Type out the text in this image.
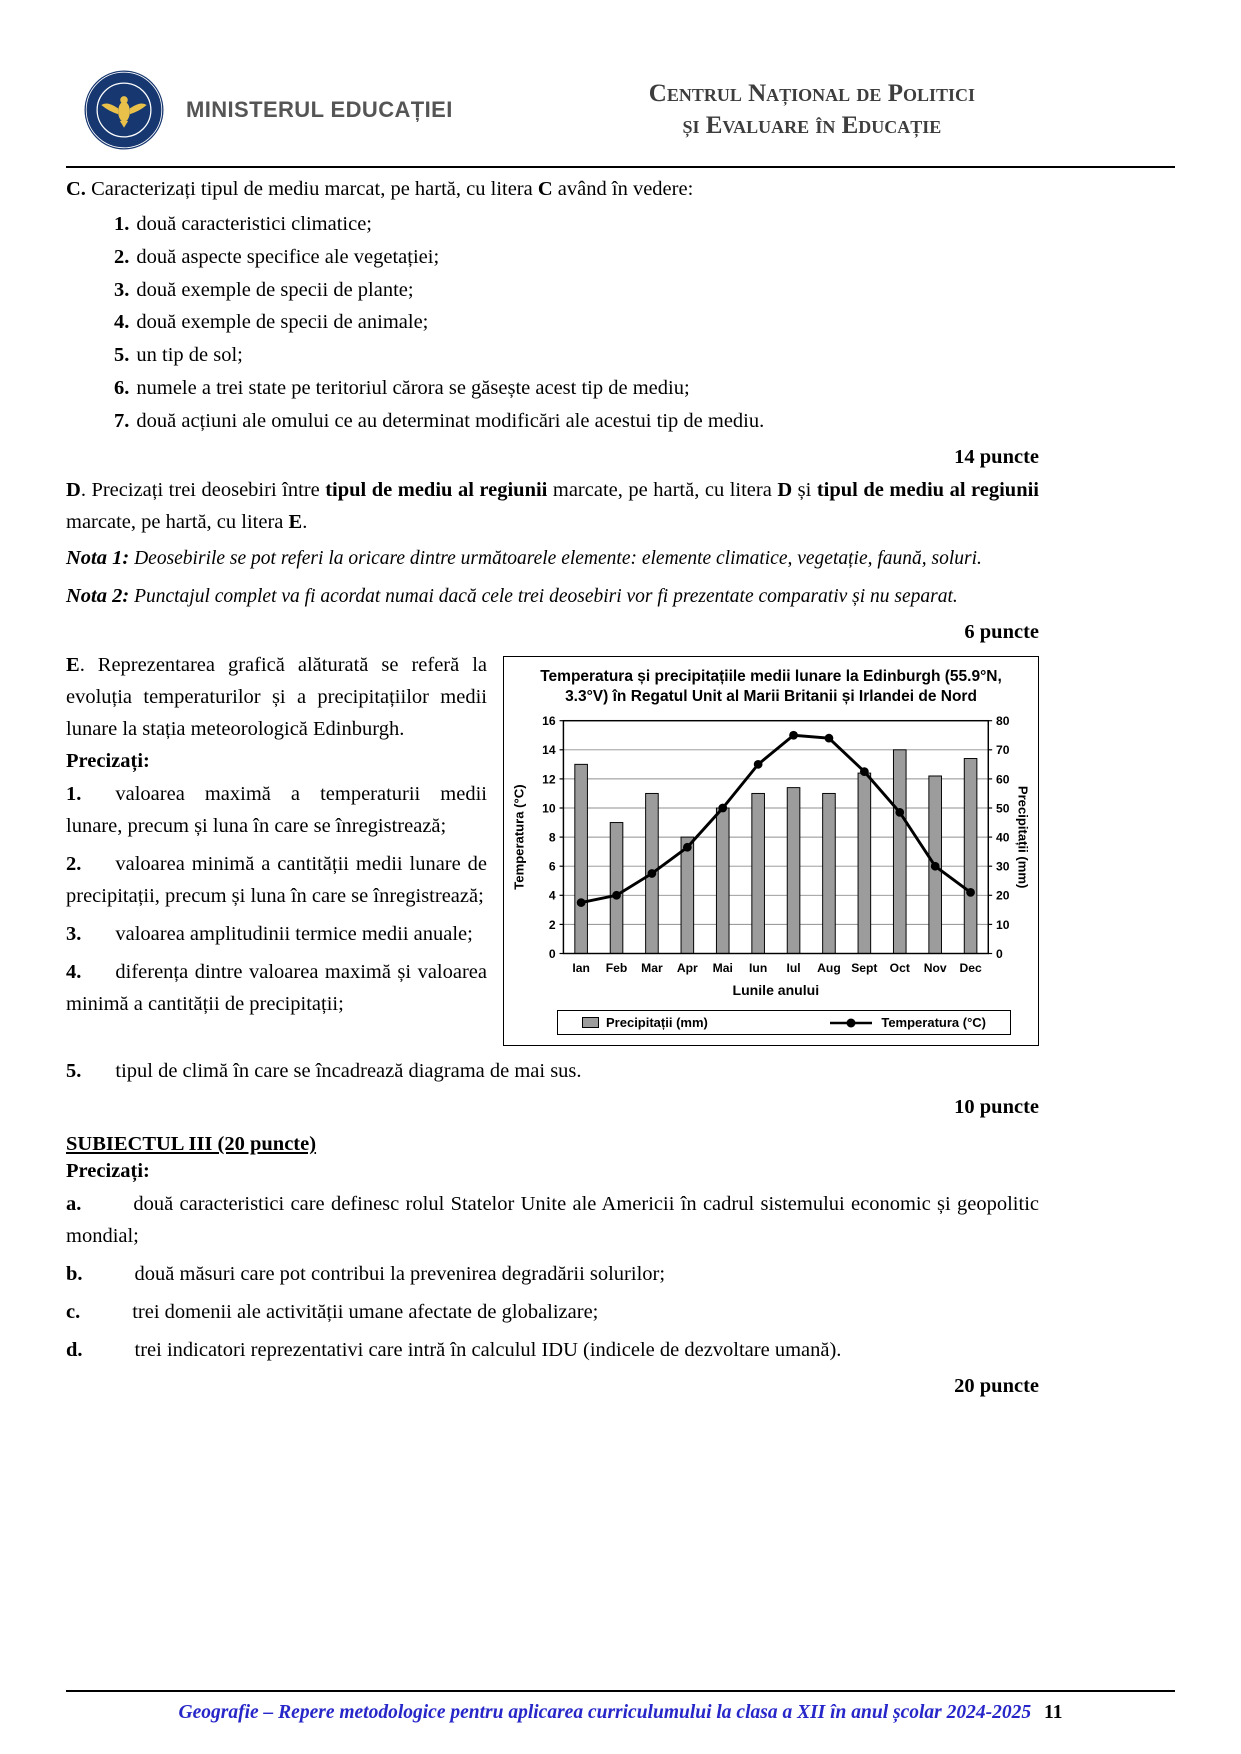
MINISTERUL EDUCAȚIEI
Centrul Național de Politici
și Evaluare în Educație

C. Caracterizați tipul de mediu marcat, pe hartă, cu litera C având în vedere:

1. două caracteristici climatice;
2. două aspecte specifice ale vegetației;
3. două exemple de specii de plante;
4. două exemple de specii de animale;
5. un tip de sol;
6. numele a trei state pe teritoriul cărora se găsește acest tip de mediu;
7. două acțiuni ale omului ce au determinat modificări ale acestui tip de mediu.
14 puncte

D. Precizați trei deosebiri între tipul de mediu al regiunii marcate, pe hartă, cu litera D și tipul de mediu al regiunii marcate, pe hartă, cu litera E.

Nota 1: Deosebirile se pot referi la oricare dintre următoarele elemente: elemente climatice, vegetație, faună, soluri.
Nota 2: Punctajul complet va fi acordat numai dacă cele trei deosebiri vor fi prezentate comparativ și nu separat.
6 puncte
Temperatura și precipitațiile medii lunare la Edinburgh (55.9°N,
3.3°V) în Regatul Unit al Marii Britanii și Irlandei de Nord
0
2
4
6
8
10
12
14
16
0
10
20
30
40
50
60
70
80
Ian Feb Mar Apr Mai Iun Iul Aug Sept Oct Nov Dec
Temperatura (°C)	Precipitații (mm)
Lunile anului
Precipitații (mm)	Temperatura (°C)

E. Reprezentarea grafică alăturată se referă la evoluția temperaturilor și a precipitațiilor medii lunare la stația meteorologică Edinburgh.

Precizați:

1. valoarea maximă a temperaturii medii lunare, precum și luna în care se înregistrează;

2. valoarea minimă a cantității medii lunare de precipitații, precum și luna în care se înregistrează;

3. valoarea amplitudinii termice medii anuale;

4. diferența dintre valoarea maximă și valoarea minimă a cantității de precipitații;

5. tipul de climă în care se încadrează diagrama de mai sus.

10 puncte
SUBIECTUL III (20 puncte)
Precizați:

a.	două caracteristici care definesc rolul Statelor Unite ale Americii în cadrul sistemului economic și geopolitic mondial;

b.	două măsuri care pot contribui la prevenirea degradării solurilor;

c.	trei domenii ale activității umane afectate de globalizare;

d.	trei indicatori reprezentativi care intră în calculul IDU (indicele de dezvoltare umană).

20 puncte
Geografie – Repere metodologice pentru aplicarea curriculumului la clasa a XII în anul școlar 2024-2025 11
